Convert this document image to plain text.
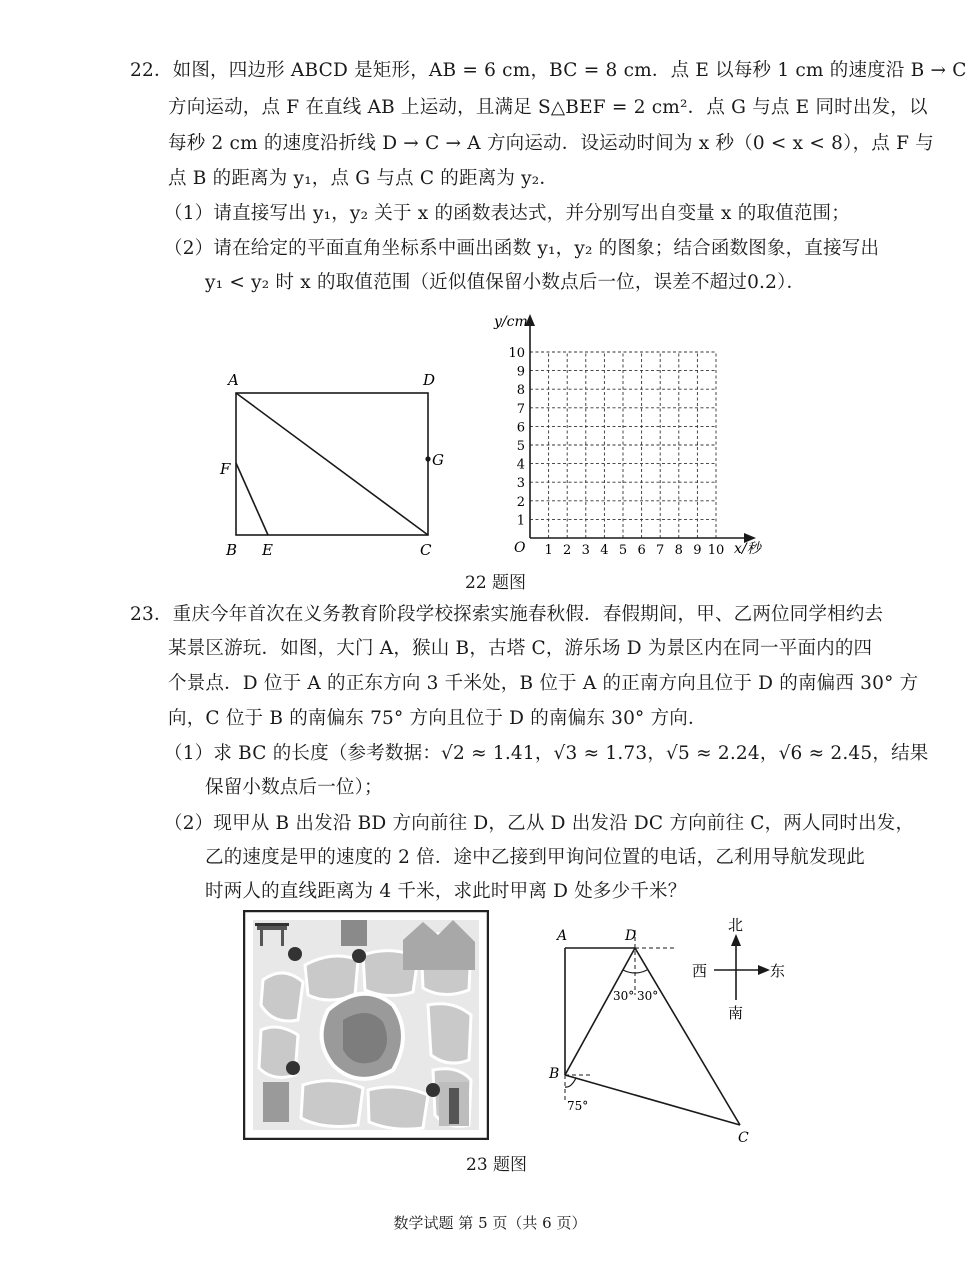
22．如图，四边形 ABCD 是矩形，AB = 6 cm，BC = 8 cm．点 E 以每秒 1 cm 的速度沿 B → C
方向运动，点 F 在直线 AB 上运动，且满足 S△BEF = 2 cm²．点 G 与点 E 同时出发，以
每秒 2 cm 的速度沿折线 D → C → A 方向运动．设运动时间为 x 秒（0 < x < 8），点 F 与
点 B 的距离为 y₁，点 G 与点 C 的距离为 y₂．
（1）请直接写出 y₁，y₂ 关于 x 的函数表达式，并分别写出自变量 x 的取值范围；
（2）请在给定的平面直角坐标系中画出函数 y₁，y₂ 的图象；结合函数图象，直接写出
y₁ < y₂ 时 x 的取值范围（近似值保留小数点后一位，误差不超过0.2）．
A	D
B	C
E
F	G
1 2 3 4 5 6 7 8 9 10
1
2
3
4
5
6
7
8
9
10
O
y/cm
x/秒
22 题图
23．重庆今年首次在义务教育阶段学校探索实施春秋假．春假期间，甲、乙两位同学相约去
某景区游玩．如图，大门 A，猴山 B，古塔 C，游乐场 D 为景区内在同一平面内的四
个景点．D 位于 A 的正东方向 3 千米处，B 位于 A 的正南方向且位于 D 的南偏西 30° 方
向，C 位于 B 的南偏东 75° 方向且位于 D 的南偏东 30° 方向．
（1）求 BC 的长度（参考数据：√2 ≈ 1.41，√3 ≈ 1.73，√5 ≈ 2.24，√6 ≈ 2.45，结果
保留小数点后一位）；
（2）现甲从 B 出发沿 BD 方向前往 D，乙从 D 出发沿 DC 方向前往 C，两人同时出发，
乙的速度是甲的速度的 2 倍．途中乙接到甲询问位置的电话，乙利用导航发现此
时两人的直线距离为 4 千米，求此时甲离 D 处多少千米？
A	D
B
C
30° 30°
75°
北
南
西	东
23 题图
数学试题 第 5 页（共 6 页）
